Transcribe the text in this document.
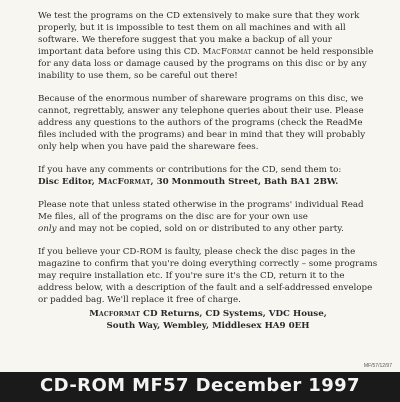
We test the programs on the CD extensively to make sure that they work properly, but it is impossible to test them on all machines and with all software. We therefore suggest that you make a backup of all your important data before using this CD. MacFormat cannot be held responsible for any data loss or damage caused by the programs on this disc or by any inability to use them, so be careful out there!

Because of the enormous number of shareware programs on this disc, we cannot, regrettably, answer any telephone queries about their use. Please address any questions to the authors of the programs (check the ReadMe files included with the programs) and bear in mind that they will probably only help when you have paid the shareware fees.

If you have any comments or contributions for the CD, send them to:
Disc Editor, MacFormat, 30 Monmouth Street, Bath BA1 2BW.

Please note that unless stated otherwise in the programs' individual Read Me files, all of the programs on the disc are for your own use
only and may not be copied, sold on or distributed to any other party.

If you believe your CD-ROM is faulty, please check the disc pages in the magazine to confirm that you're doing everything correctly – some programs may require installation etc. If you're sure it's the CD, return it to the address below, with a description of the fault and a self-addressed envelope or padded bag. We'll replace it free of charge.

Macformat CD Returns, CD Systems, VDC House,

South Way, Wembley, Middlesex HA9 0EH

MF/57/12/97
CD-ROM MF57 December 1997
